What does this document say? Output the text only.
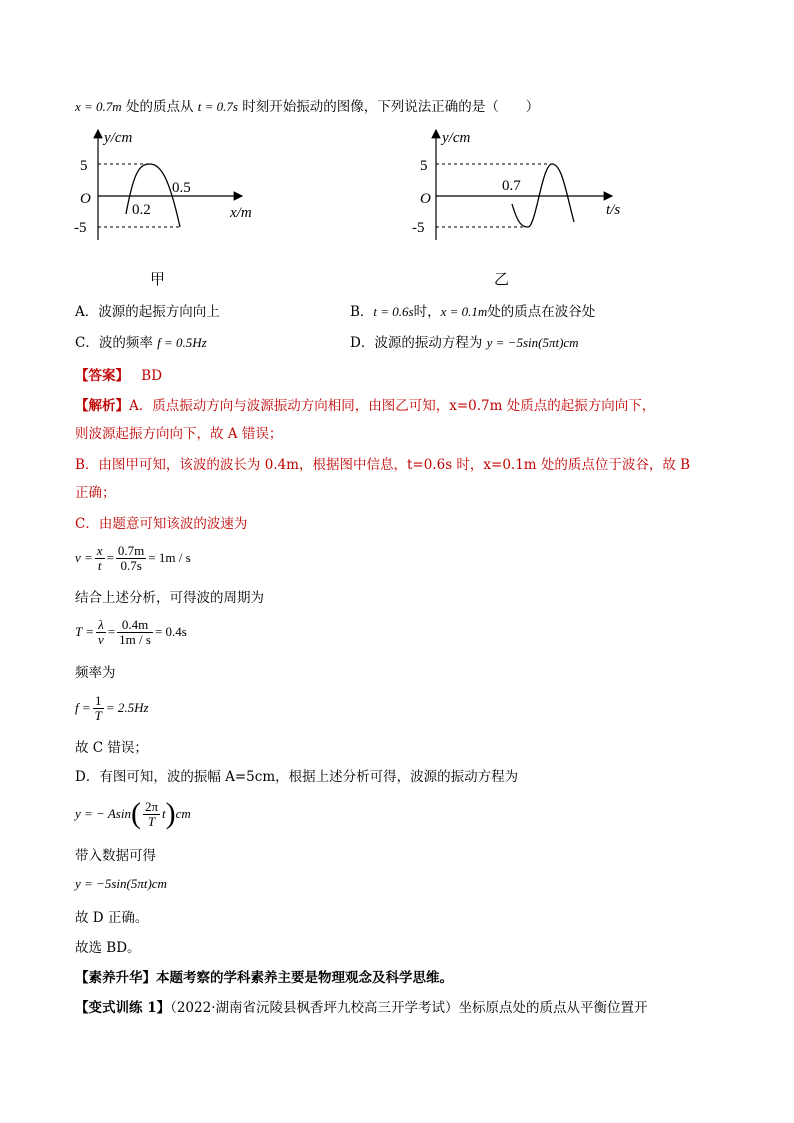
x = 0.7m 处的质点从 t = 0.7s 时刻开始振动的图像，下列说法正确的是（　　）
y/cm
5
O
-5
0.2
0.5
x/m
甲
y/cm
5
O
-5
0.7
t/s
乙
A．波源的起振方向向上	B．t = 0.6s时，x = 0.1m处的质点在波谷处
C．波的频率 f = 0.5Hz	D．波源的振动方程为 y = −5sin(5πt)cm
【答案】 BD
【解析】A．质点振动方向与波源振动方向相同，由图乙可知，x=0.7m 处质点的起振方向向下，
则波源起振方向向下，故 A 错误；
B．由图甲可知，该波的波长为 0.4m，根据图中信息，t=0.6s 时，x=0.1m 处的质点位于波谷，故 B
正确；
C．由题意可知该波的波速为
$v = \frac{x}{t} = \frac{0.7m}{0.7s} = 1m / s$
结合上述分析，可得波的周期为
$T = \frac{\lambda}{v} = \frac{0.4m}{1m / s} = 0.4s$
频率为
$f = \frac{1}{T} = 2.5Hz$
故 C 错误；
D．有图可知，波的振幅 A=5cm，根据上述分析可得，波源的振动方程为
y = − Asin ( $\frac{2\pi}{T}$ t ) cm
带入数据可得
y = −5sin(5πt)cm
故 D 正确。
故选 BD。
【素养升华】本题考察的学科素养主要是物理观念及科学思维。
【变式训练 1】（2022·湖南省沅陵县枫香坪九校高三开学考试）坐标原点处的质点从平衡位置开
